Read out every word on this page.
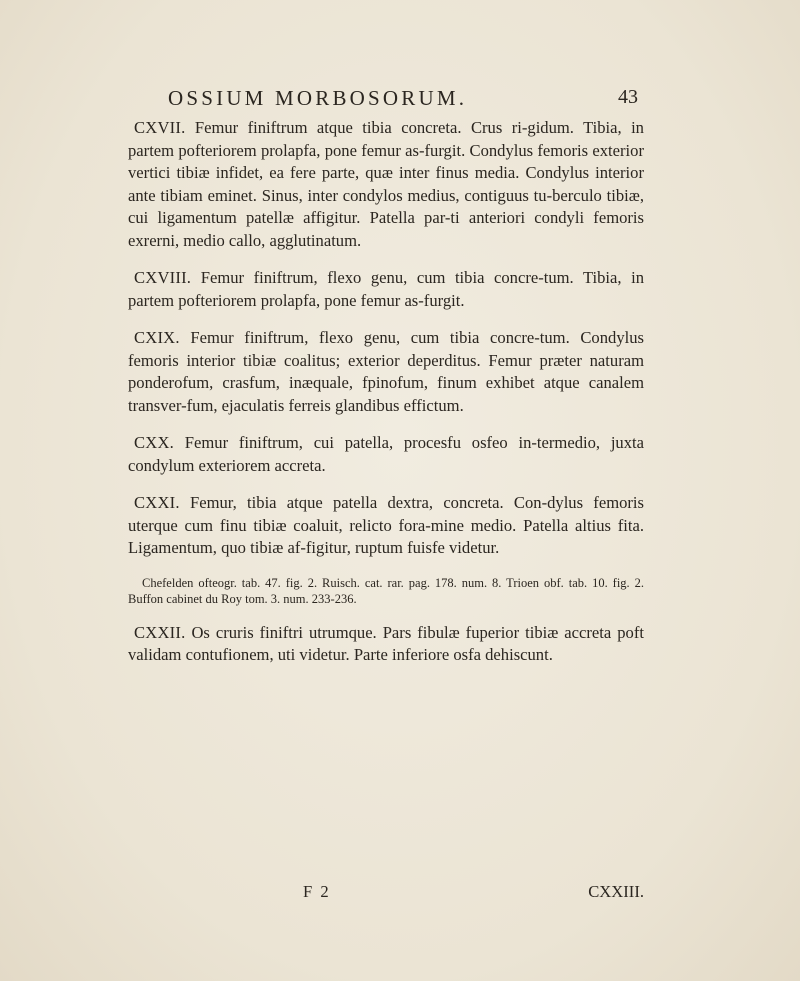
OSSIUM MORBOSORUM.	43

CXVII. Femur finiftrum atque tibia concreta. Crus ri-gidum. Tibia, in partem pofteriorem prolapfa, pone femur as-furgit. Condylus femoris exterior vertici tibiæ infidet, ea fere parte, quæ inter finus media. Condylus interior ante tibiam eminet. Sinus, inter condylos medius, contiguus tu-berculo tibiæ, cui ligamentum patellæ affigitur. Patella par-ti anteriori condyli femoris exrerni, medio callo, agglutinatum.

CXVIII. Femur finiftrum, flexo genu, cum tibia concre-tum. Tibia, in partem pofteriorem prolapfa, pone femur as-furgit.

CXIX. Femur finiftrum, flexo genu, cum tibia concre-tum. Condylus femoris interior tibiæ coalitus; exterior deperditus. Femur præter naturam ponderofum, crasfum, inæquale, fpinofum, finum exhibet atque canalem transver-fum, ejaculatis ferreis glandibus effictum.

CXX. Femur finiftrum, cui patella, procesfu osfeo in-termedio, juxta condylum exteriorem accreta.

CXXI. Femur, tibia atque patella dextra, concreta. Con-dylus femoris uterque cum finu tibiæ coaluit, relicto fora-mine medio. Patella altius fita. Ligamentum, quo tibiæ af-figitur, ruptum fuisfe videtur.

Chefelden ofteogr. tab. 47. fig. 2. Ruisch. cat. rar. pag. 178. num. 8. Trioen obf. tab. 10. fig. 2. Buffon cabinet du Roy tom. 3. num. 233-236.

CXXII. Os cruris finiftri utrumque. Pars fibulæ fuperior tibiæ accreta poft validam contufionem, uti videtur. Parte inferiore osfa dehiscunt.

F 2	CXXIII.
